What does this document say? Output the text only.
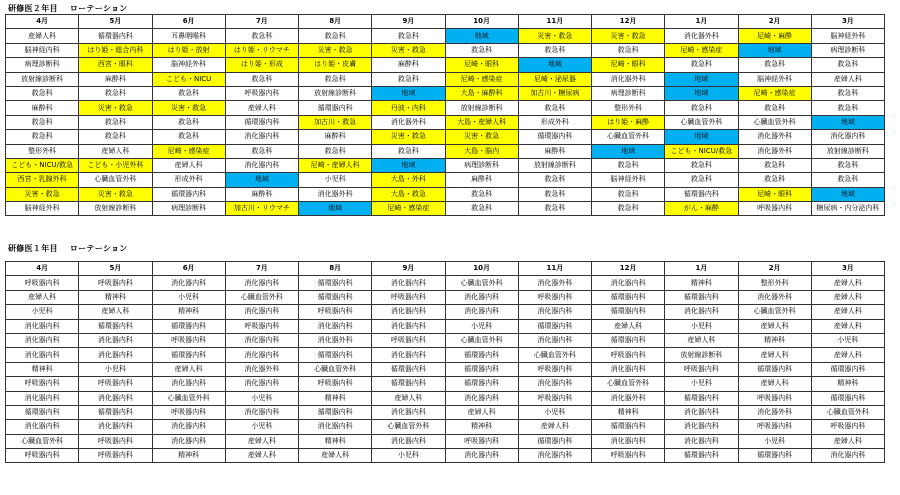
研修医２年目 ローテーション
4月	5月	6月	7月	8月	9月	10月	11月	12月	1月	2月	3月
産婦人科	循環器内科	耳鼻咽喉科	救急科	救急科	救急科	地域	災害・救急	災害・救急	消化器外科	尼崎・麻酔	脳神経外科
脳神経内科	はり姫・総合内科	はり姫・放射	はり姫・リウマチ	災害・救急	災害・救急	救急科	救急科	救急科	尼崎・感染症	地域	病理診断科
病理診断科	西宮・眼科	脳神経外科	はり姫・形成	はり姫・皮膚	麻酔科	尼崎・眼科	地域	尼崎・眼科	救急科	救急科	救急科
放射線診断科	麻酔科	こども・NICU	救急科	救急科	救急科	尼崎・感染症	尼崎・泌尿器	消化器外科	地域	脳神経外科	産婦人科
救急科	救急科	救急科	呼吸器内科	放射線診断科	地域	大島・麻酔科	加古川・糖尿病	病理診断科	地域	尼崎・感染症	救急科
麻酔科	災害・救急	災害・救急	産婦人科	循環器内科	丹波・内科	放射線診断科	救急科	整形外科	救急科	救急科	救急科
救急科	救急科	救急科	循環器内科	加古川・救急	消化器外科	大島・産婦人科	形成外科	はり姫・麻酔	心臓血管外科	心臓血管外科	地域
救急科	救急科	救急科	消化器内科	麻酔科	災害・救急	災害・救急	循環器内科	心臓血管外科	地域	消化器外科	消化器内科
整形外科	産婦人科	尼崎・感染症	救急科	救急科	救急科	大島・脳内	麻酔科	地域	こども・NICU/救急	消化器外科	放射線診断科
こども・NICU/救急	こども・小児外科	産婦人科	消化器内科	尼崎・産婦人科	地域	病理診断科	放射線診断科	救急科	救急科	救急科	救急科
西宮・乳腺外科	心臓血管外科	形成外科	地域	小児科	大島・外科	麻酔科	救急科	脳神経外科	救急科	救急科	救急科
災害・救急	災害・救急	循環器内科	麻酔科	消化器外科	大島・救急	救急科	救急科	救急科	循環器内科	尼崎・眼科	地域
脳神経外科	放射線診断科	病理診断科	加古川・リウマチ	地域	尼崎・感染症	救急科	救急科	救急科	がん・麻酔	呼吸器内科	糖尿病・内分泌内科
研修医１年目 ローテーション
4月	5月	6月	7月	8月	9月	10月	11月	12月	1月	2月	3月
呼吸器内科	呼吸器内科	消化器内科	消化器内科	循環器内科	消化器内科	心臓血管外科	消化器外科	消化器内科	精神科	整形外科	産婦人科
産婦人科	精神科	小児科	心臓血管外科	循環器内科	呼吸器内科	消化器内科	呼吸器内科	循環器内科	循環器内科	消化器外科	産婦人科
小児科	産婦人科	精神科	消化器内科	呼吸器内科	消化器内科	消化器内科	消化器内科	循環器内科	消化器内科	心臓血管外科	産婦人科
消化器内科	循環器内科	循環器内科	呼吸器内科	消化器内科	消化器内科	小児科	循環器内科	産婦人科	小児科	産婦人科	産婦人科
消化器内科	消化器内科	呼吸器内科	消化器内科	消化器外科	呼吸器内科	心臓血管外科	消化器内科	循環器内科	産婦人科	精神科	小児科
消化器内科	消化器内科	循環器内科	消化器内科	循環器内科	消化器内科	循環器内科	心臓血管外科	呼吸器内科	放射線診断科	産婦人科	産婦人科
精神科	小児科	産婦人科	消化器外科	心臓血管外科	循環器内科	循環器内科	呼吸器内科	消化器内科	呼吸器内科	循環器内科	循環器内科
呼吸器内科	呼吸器内科	消化器内科	消化器内科	呼吸器内科	循環器内科	循環器内科	消化器内科	心臓血管外科	小児科	産婦人科	精神科
消化器内科	消化器内科	心臓血管外科	小児科	精神科	産婦人科	消化器内科	呼吸器内科	消化器外科	循環器内科	呼吸器内科	循環器内科
循環器内科	循環器内科	呼吸器内科	消化器内科	循環器内科	消化器内科	産婦人科	小児科	精神科	消化器内科	消化器外科	心臓血管外科
消化器内科	消化器内科	消化器内科	小児科	消化器内科	心臓血管外科	精神科	産婦人科	循環器内科	消化器内科	呼吸器内科	呼吸器内科
心臓血管外科	呼吸器内科	消化器内科	産婦人科	精神科	消化器内科	呼吸器内科	循環器内科	消化器内科	消化器内科	小児科	産婦人科
呼吸器内科	呼吸器内科	精神科	産婦人科	産婦人科	小児科	消化器内科	消化器内科	呼吸器内科	循環器内科	循環器内科	消化器内科
